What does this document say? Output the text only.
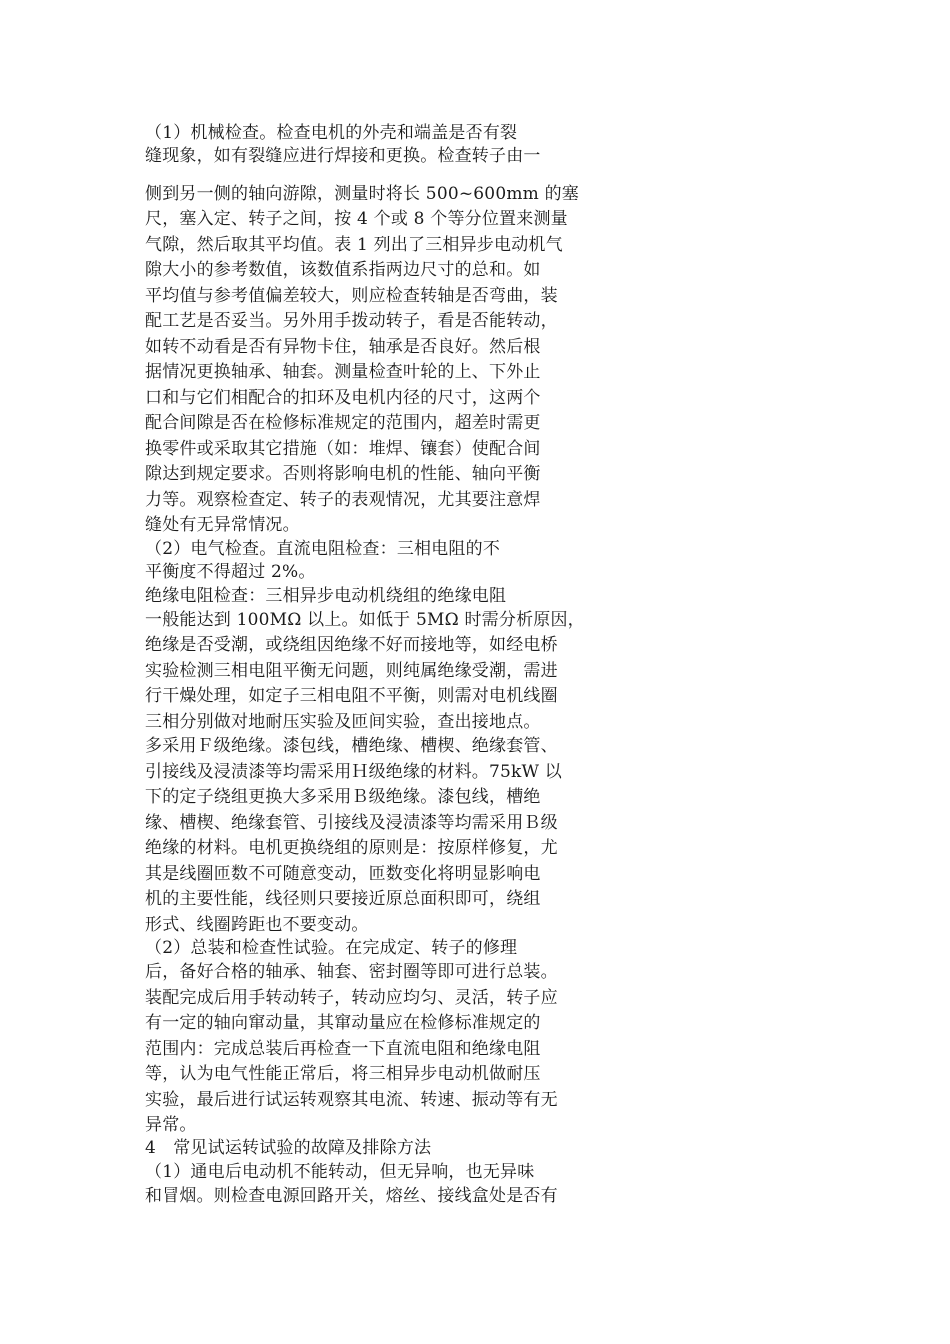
（1）机械检查。检查电机的外壳和端盖是否有裂
缝现象，如有裂缝应进行焊接和更换。检查转子由一
侧到另一侧的轴向游隙，测量时将长 500~600mm 的塞
尺，塞入定、转子之间，按 4 个或 8 个等分位置来测量
气隙，然后取其平均值。表 1 列出了三相异步电动机气
隙大小的参考数值，该数值系指两边尺寸的总和。如
平均值与参考值偏差较大，则应检查转轴是否弯曲，装
配工艺是否妥当。另外用手拨动转子，看是否能转动，
如转不动看是否有异物卡住，轴承是否良好。然后根
据情况更换轴承、轴套。测量检查叶轮的上、下外止
口和与它们相配合的扣环及电机内径的尺寸，这两个
配合间隙是否在检修标准规定的范围内，超差时需更
换零件或采取其它措施（如：堆焊、镶套）使配合间
隙达到规定要求。否则将影响电机的性能、轴向平衡
力等。观察检查定、转子的表观情况，尤其要注意焊
缝处有无异常情况。
（2）电气检查。直流电阻检查：三相电阻的不
平衡度不得超过 2%。
绝缘电阻检查：三相异步电动机绕组的绝缘电阻
一般能达到 100MΩ 以上。如低于 5MΩ 时需分析原因，
绝缘是否受潮，或绕组因绝缘不好而接地等，如经电桥
实验检测三相电阻平衡无问题，则纯属绝缘受潮，需进
行干燥处理，如定子三相电阻不平衡，则需对电机线圈
三相分别做对地耐压实验及匝间实验，查出接地点。
多采用Ｆ级绝缘。漆包线，槽绝缘、槽楔、绝缘套管、
引接线及浸渍漆等均需采用Ｈ级绝缘的材料。75kW 以
下的定子绕组更换大多采用Ｂ级绝缘。漆包线，槽绝
缘、槽楔、绝缘套管、引接线及浸渍漆等均需采用Ｂ级
绝缘的材料。电机更换绕组的原则是：按原样修复，尤
其是线圈匝数不可随意变动，匝数变化将明显影响电
机的主要性能，线径则只要接近原总面积即可，绕组
形式、线圈跨距也不要变动。
（2）总装和检查性试验。在完成定、转子的修理
后，备好合格的轴承、轴套、密封圈等即可进行总装。
装配完成后用手转动转子，转动应均匀、灵活，转子应
有一定的轴向窜动量，其窜动量应在检修标准规定的
范围内：完成总装后再检查一下直流电阻和绝缘电阻
等，认为电气性能正常后，将三相异步电动机做耐压
实验，最后进行试运转观察其电流、转速、振动等有无
异常。
4　常见试运转试验的故障及排除方法
（1）通电后电动机不能转动，但无异响，也无异味
和冒烟。则检查电源回路开关，熔丝、接线盒处是否有
